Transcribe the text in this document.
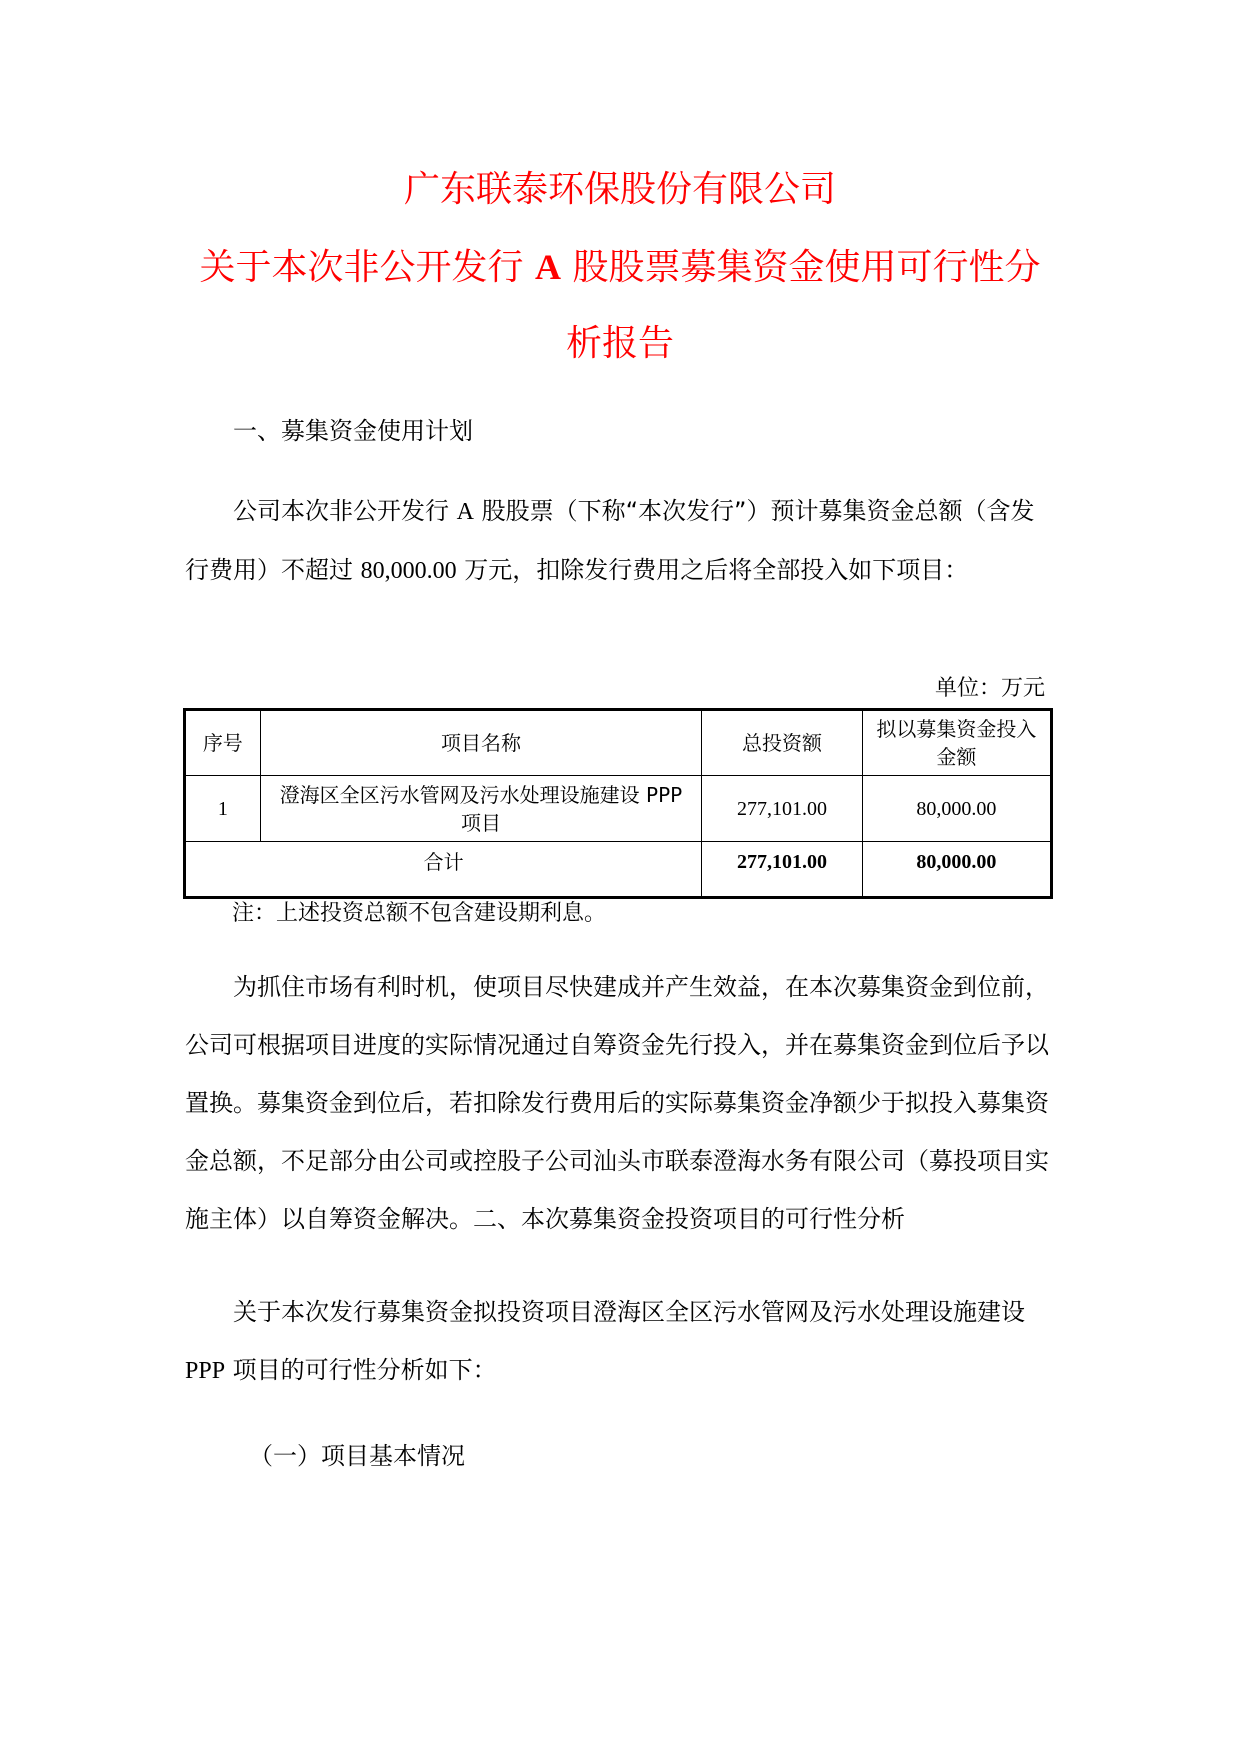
广东联泰环保股份有限公司
关于本次非公开发行 A 股股票募集资金使用可行性分
析报告
一、募集资金使用计划
公司本次非公开发行 A 股股票（下称“本次发行”）预计募集资金总额（含发行费用）不超过 80,000.00 万元，扣除发行费用之后将全部投入如下项目：
单位：万元
序号	项目名称	总投资额	拟以募集资金投入金额
1	澄海区全区污水管网及污水处理设施建设 PPP 项目	277,101.00	80,000.00
合计		277,101.00	80,000.00
注：上述投资总额不包含建设期利息。
为抓住市场有利时机，使项目尽快建成并产生效益，在本次募集资金到位前，公司可根据项目进度的实际情况通过自筹资金先行投入，并在募集资金到位后予以置换。募集资金到位后，若扣除发行费用后的实际募集资金净额少于拟投入募集资金总额，不足部分由公司或控股子公司汕头市联泰澄海水务有限公司（募投项目实施主体）以自筹资金解决。二、本次募集资金投资项目的可行性分析
关于本次发行募集资金拟投资项目澄海区全区污水管网及污水处理设施建设 PPP 项目的可行性分析如下：
（一）项目基本情况
